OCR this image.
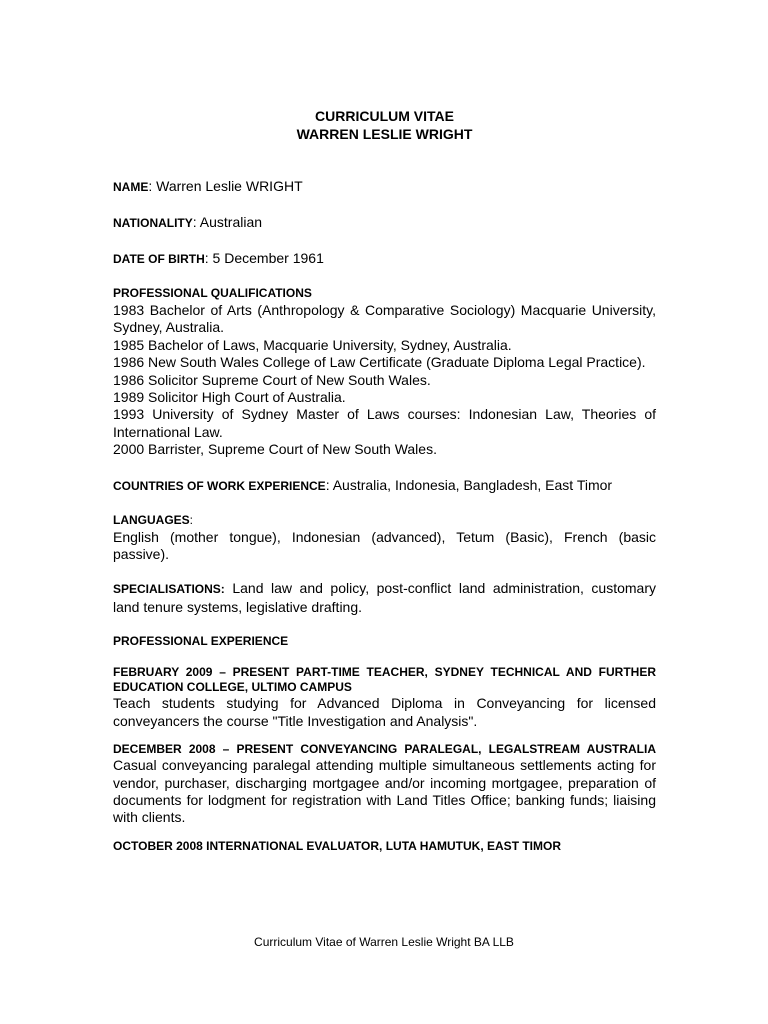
CURRICULUM VITAE
WARREN LESLIE WRIGHT
NAME: Warren Leslie WRIGHT
NATIONALITY: Australian
DATE OF BIRTH: 5 December 1961
PROFESSIONAL QUALIFICATIONS
1983 Bachelor of Arts (Anthropology & Comparative Sociology) Macquarie University, Sydney, Australia.
1985 Bachelor of Laws, Macquarie University, Sydney, Australia.
1986 New South Wales College of Law Certificate (Graduate Diploma Legal Practice).
1986 Solicitor Supreme Court of New South Wales.
1989 Solicitor High Court of Australia.
1993 University of Sydney Master of Laws courses: Indonesian Law, Theories of International Law.
2000 Barrister, Supreme Court of New South Wales.
COUNTRIES OF WORK EXPERIENCE: Australia, Indonesia, Bangladesh, East Timor
LANGUAGES:
English (mother tongue), Indonesian (advanced), Tetum (Basic), French (basic passive).
SPECIALISATIONS: Land law and policy, post-conflict land administration, customary land tenure systems, legislative drafting.
PROFESSIONAL EXPERIENCE
FEBRUARY 2009 – PRESENT PART-TIME TEACHER, SYDNEY TECHNICAL AND FURTHER EDUCATION COLLEGE, ULTIMO CAMPUS
Teach students studying for Advanced Diploma in Conveyancing for licensed conveyancers the course "Title Investigation and Analysis".
DECEMBER 2008 – PRESENT CONVEYANCING PARALEGAL, LEGALSTREAM AUSTRALIA
Casual conveyancing paralegal attending multiple simultaneous settlements acting for vendor, purchaser, discharging mortgagee and/or incoming mortgagee, preparation of documents for lodgment for registration with Land Titles Office; banking funds; liaising with clients.
OCTOBER 2008 INTERNATIONAL EVALUATOR, LUTA HAMUTUK, EAST TIMOR
Curriculum Vitae of Warren Leslie Wright BA LLB
